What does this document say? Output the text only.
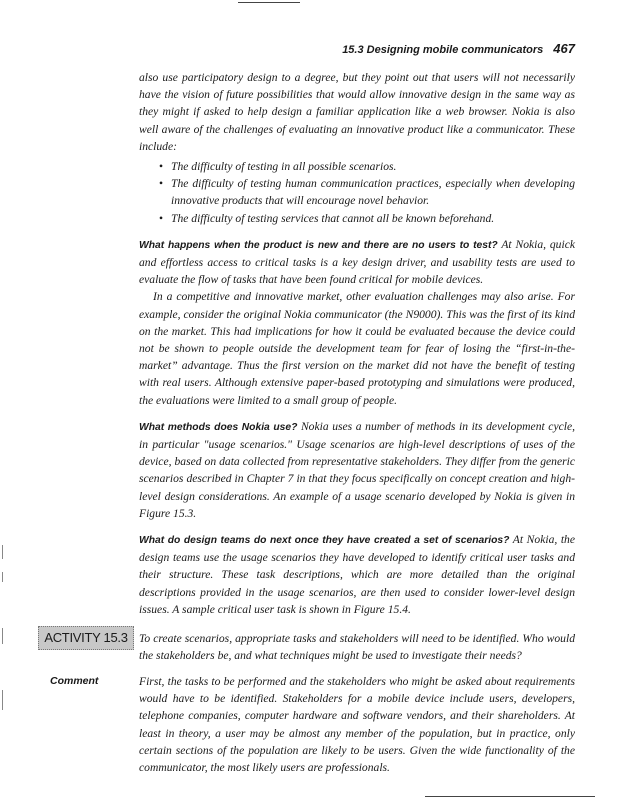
15.3 Designing mobile communicators 467

also use participatory design to a degree, but they point out that users will not necessarily have the vision of future possibilities that would allow innovative design in the same way as they might if asked to help design a familiar application like a web browser. Nokia is also well aware of the challenges of evaluating an innovative product like a communicator. These include:

• The difficulty of testing in all possible scenarios.
• The difficulty of testing human communication practices, especially when developing innovative products that will encourage novel behavior.
• The difficulty of testing services that cannot all be known beforehand.

What happens when the product is new and there are no users to test? At Nokia, quick and effortless access to critical tasks is a key design driver, and usability tests are used to evaluate the flow of tasks that have been found critical for mobile devices.

In a competitive and innovative market, other evaluation challenges may also arise. For example, consider the original Nokia communicator (the N9000). This was the first of its kind on the market. This had implications for how it could be evaluated because the device could not be shown to people outside the development team for fear of losing the “first-in-the-market” advantage. Thus the first version on the market did not have the benefit of testing with real users. Although extensive paper-based prototyping and simulations were produced, the evaluations were limited to a small group of people.

What methods does Nokia use? Nokia uses a number of methods in its development cycle, in particular "usage scenarios." Usage scenarios are high-level descriptions of uses of the device, based on data collected from representative stakeholders. They differ from the generic scenarios described in Chapter 7 in that they focus specifically on concept creation and high-level design considerations. An example of a usage scenario developed by Nokia is given in Figure 15.3.

What do design teams do next once they have created a set of scenarios? At Nokia, the design teams use the usage scenarios they have developed to identify critical user tasks and their structure. These task descriptions, which are more detailed than the original descriptions provided in the usage scenarios, are then used to consider lower-level design issues. A sample critical user task is shown in Figure 15.4.

ACTIVITY 15.3 To create scenarios, appropriate tasks and stakeholders will need to be identified. Who would the stakeholders be, and what techniques might be used to investigate their needs?
Comment	First, the tasks to be performed and the stakeholders who might be asked about requirements would have to be identified. Stakeholders for a mobile device include users, developers, telephone companies, computer hardware and software vendors, and their shareholders. At least in theory, a user may be almost any member of the population, but in practice, only certain sections of the population are likely to be users. Given the wide functionality of the communicator, the most likely users are professionals.
